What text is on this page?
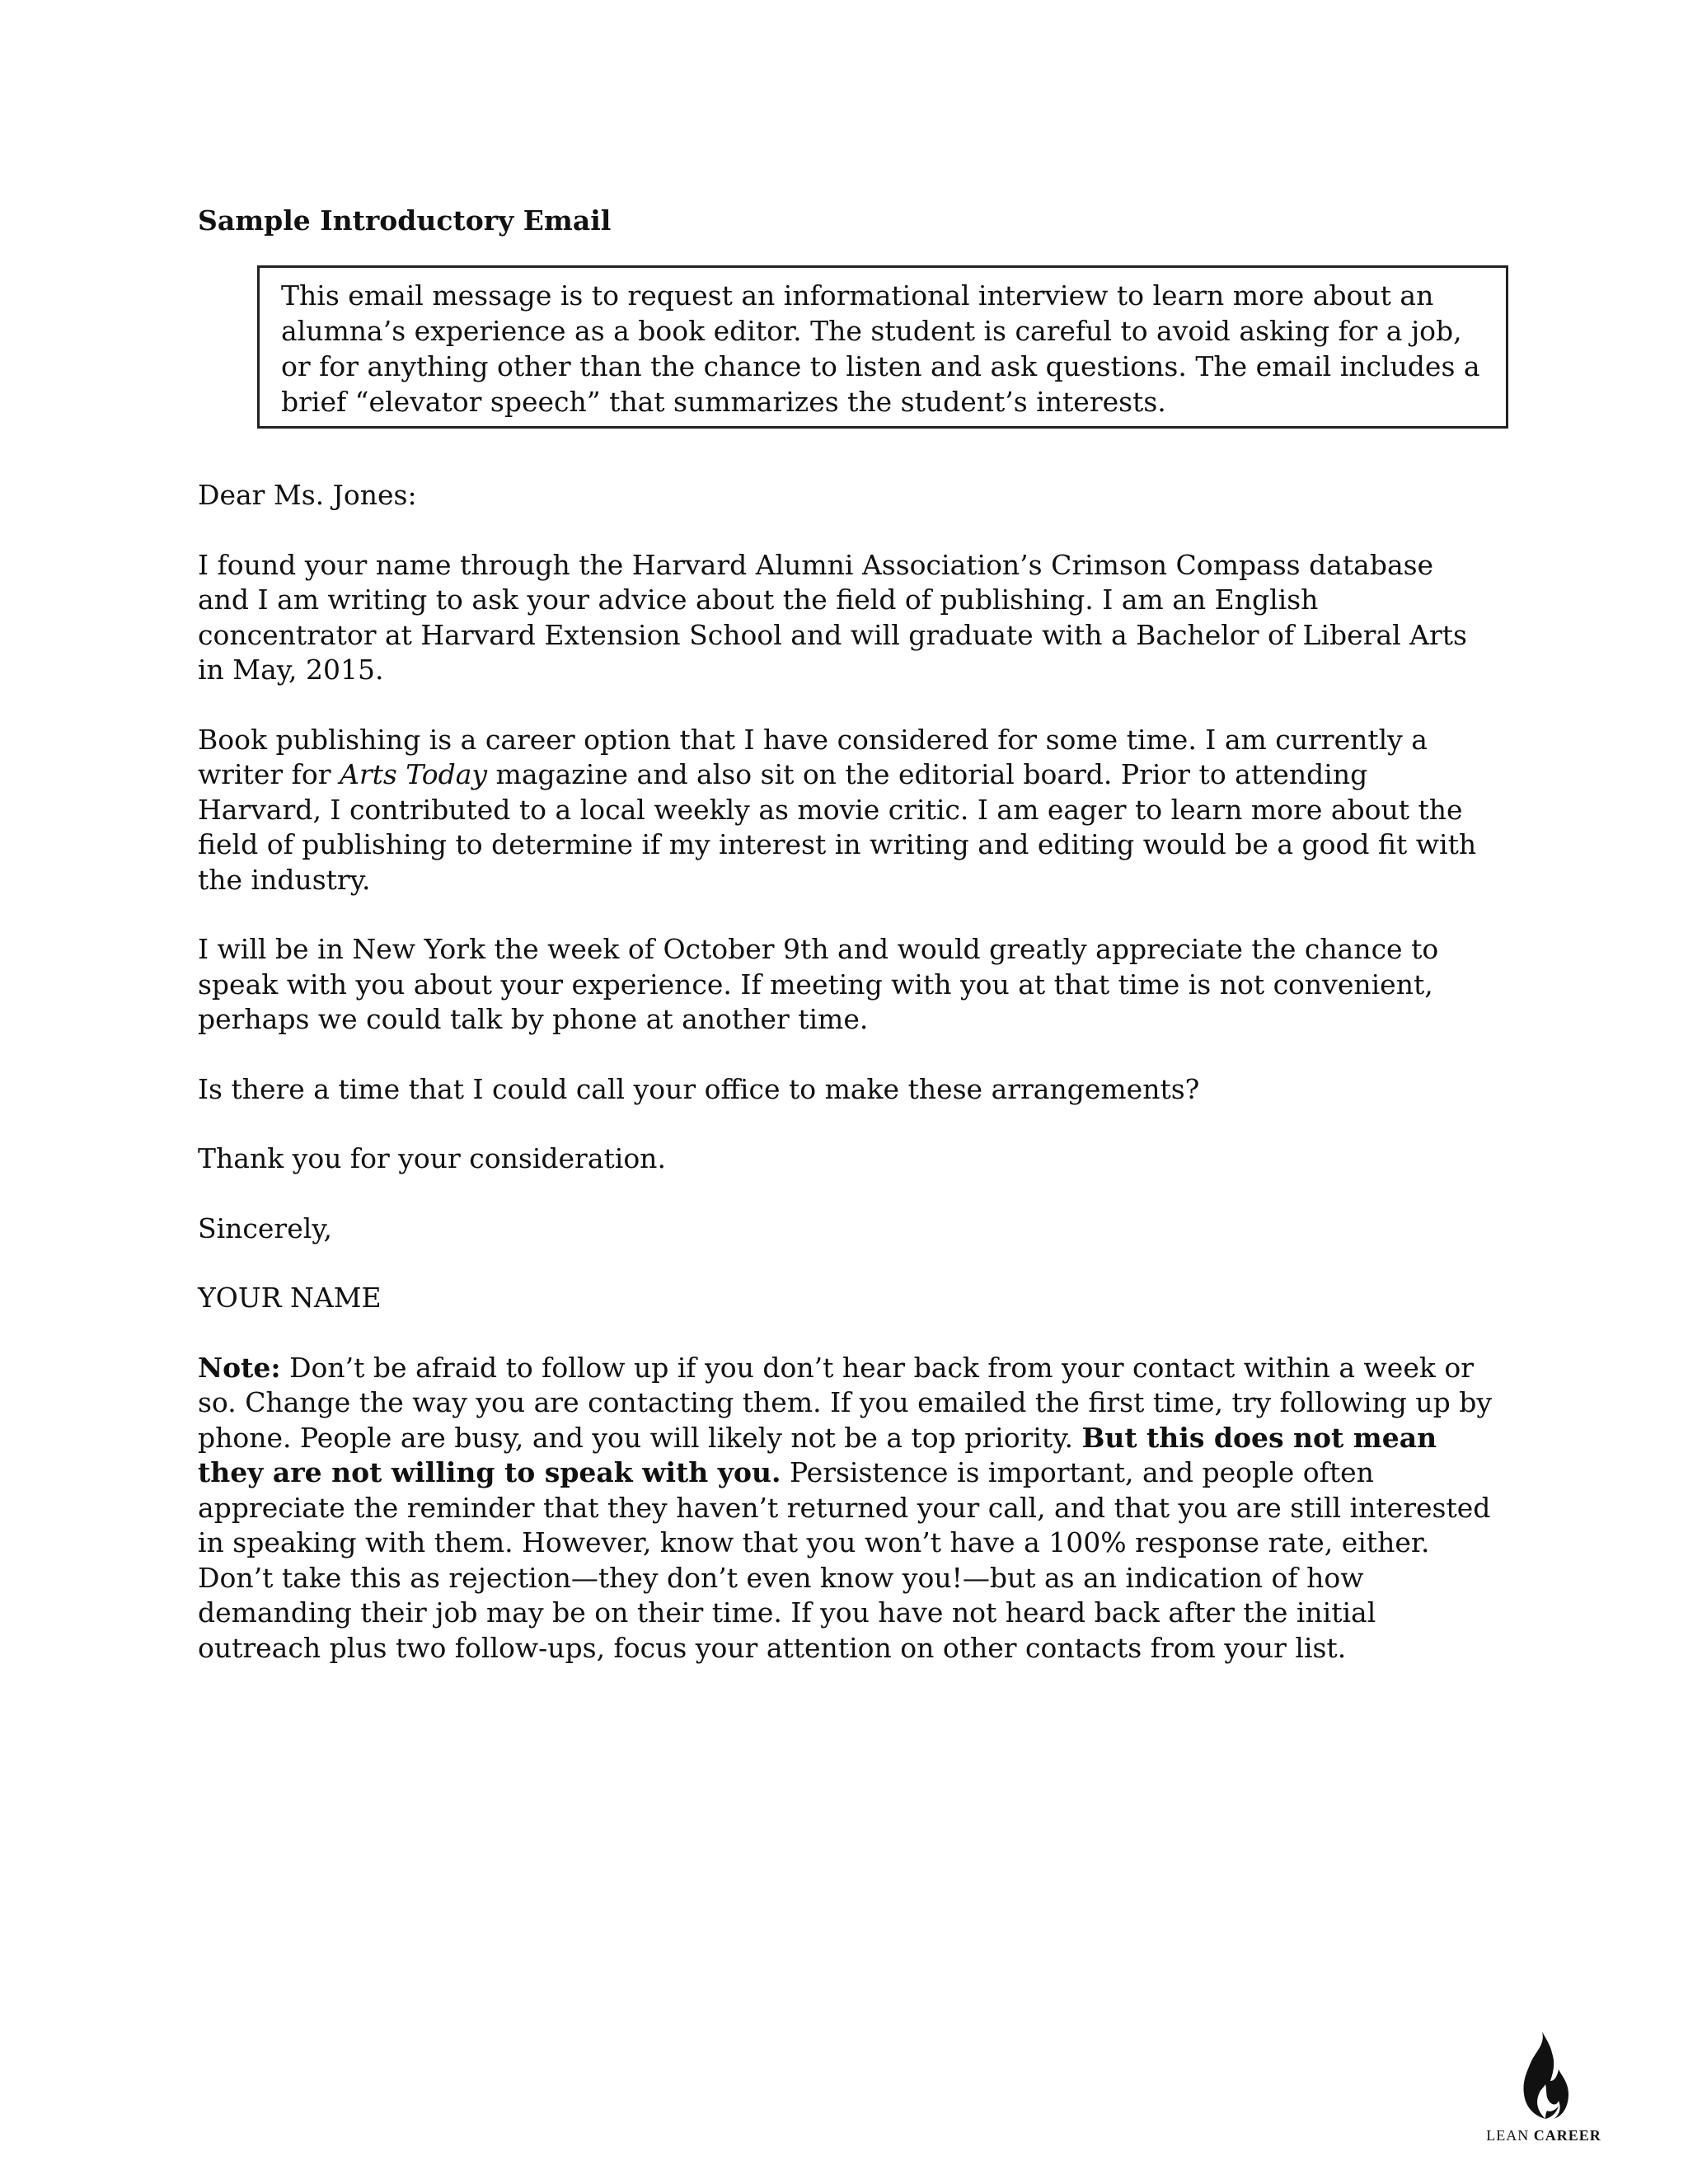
Sample Introductory Email
This email message is to request an informational interview to learn more about an alumna’s experience as a book editor. The student is careful to avoid asking for a job, or for anything other than the chance to listen and ask questions. The email includes a brief “elevator speech” that summarizes the student’s interests.

Dear Ms. Jones:

I found your name through the Harvard Alumni Association’s Crimson Compass database and I am writing to ask your advice about the field of publishing. I am an English concentrator at Harvard Extension School and will graduate with a Bachelor of Liberal Arts in May, 2015.

Book publishing is a career option that I have considered for some time. I am currently a writer for Arts Today magazine and also sit on the editorial board. Prior to attending Harvard, I contributed to a local weekly as movie critic. I am eager to learn more about the field of publishing to determine if my interest in writing and editing would be a good fit with the industry.

I will be in New York the week of October 9th and would greatly appreciate the chance to speak with you about your experience. If meeting with you at that time is not convenient, perhaps we could talk by phone at another time.

Is there a time that I could call your office to make these arrangements?

Thank you for your consideration.

Sincerely,

YOUR NAME

Note: Don’t be afraid to follow up if you don’t hear back from your contact within a week or so. Change the way you are contacting them. If you emailed the first time, try following up by phone. People are busy, and you will likely not be a top priority. But this does not mean they are not willing to speak with you. Persistence is important, and people often appreciate the reminder that they haven’t returned your call, and that you are still interested in speaking with them. However, know that you won’t have a 100% response rate, either. Don’t take this as rejection—they don’t even know you!—but as an indication of how demanding their job may be on their time. If you have not heard back after the initial outreach plus two follow-ups, focus your attention on other contacts from your list.

LEAN CAREER
